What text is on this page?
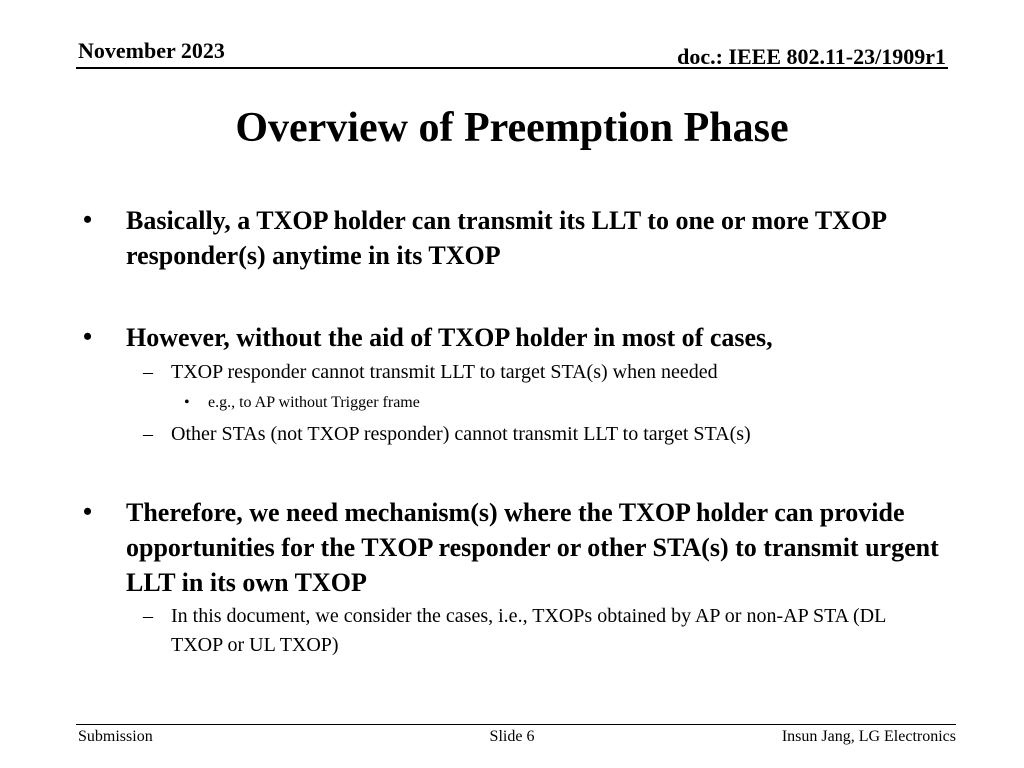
November 2023	doc.: IEEE 802.11-23/1909r1
Overview of Preemption Phase
• Basically, a TXOP holder can transmit its LLT to one or more TXOP responder(s) anytime in its TXOP
• However, without the aid of TXOP holder in most of cases,
– TXOP responder cannot transmit LLT to target STA(s) when needed
• e.g., to AP without Trigger frame
– Other STAs (not TXOP responder) cannot transmit LLT to target STA(s)
• Therefore, we need mechanism(s) where the TXOP holder can provide opportunities for the TXOP responder or other STA(s) to transmit urgent LLT in its own TXOP
– In this document, we consider the cases, i.e., TXOPs obtained by AP or non-AP STA (DL TXOP or UL TXOP)
Submission	Slide 6	Insun Jang, LG Electronics
